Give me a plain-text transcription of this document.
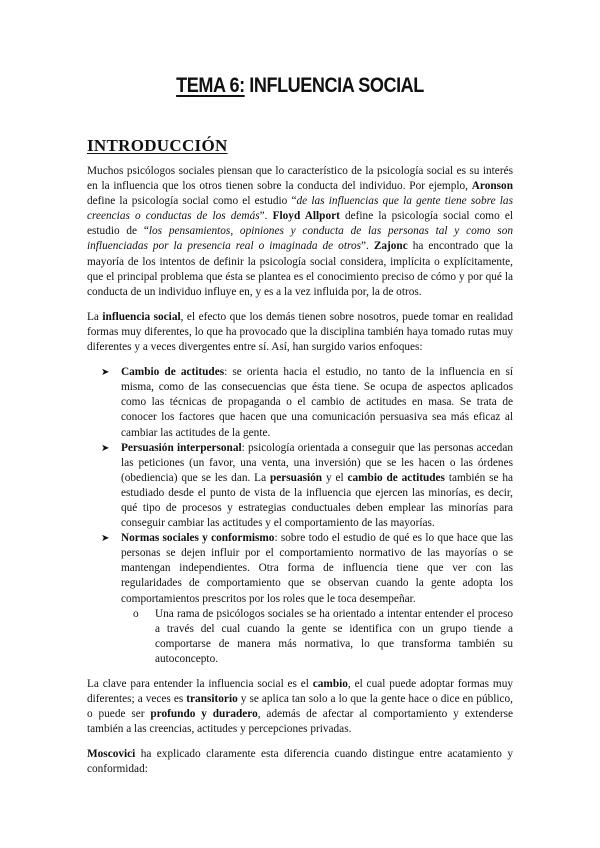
TEMA 6: INFLUENCIA SOCIAL
INTRODUCCIÓN

Muchos psicólogos sociales piensan que lo característico de la psicología social es su interés en la influencia que los otros tienen sobre la conducta del individuo. Por ejemplo, Aronson define la psicología social como el estudio “de las influencias que la gente tiene sobre las creencias o conductas de los demás”. Floyd Allport define la psicología social como el estudio de “los pensamientos, opiniones y conducta de las personas tal y como son influenciadas por la presencia real o imaginada de otros”. Zajonc ha encontrado que la mayoría de los intentos de definir la psicología social considera, implícita o explícitamente, que el principal problema que ésta se plantea es el conocimiento preciso de cómo y por qué la conducta de un individuo influye en, y es a la vez influida por, la de otros.

La influencia social, el efecto que los demás tienen sobre nosotros, puede tomar en realidad formas muy diferentes, lo que ha provocado que la disciplina también haya tomado rutas muy diferentes y a veces divergentes entre sí. Así, han surgido varios enfoques:

➤ Cambio de actitudes: se orienta hacia el estudio, no tanto de la influencia en sí misma, como de las consecuencias que ésta tiene. Se ocupa de aspectos aplicados como las técnicas de propaganda o el cambio de actitudes en masa. Se trata de conocer los factores que hacen que una comunicación persuasiva sea más eficaz al cambiar las actitudes de la gente.
➤ Persuasión interpersonal: psicología orientada a conseguir que las personas accedan las peticiones (un favor, una venta, una inversión) que se les hacen o las órdenes (obediencia) que se les dan. La persuasión y el cambio de actitudes también se ha estudiado desde el punto de vista de la influencia que ejercen las minorías, es decir, qué tipo de procesos y estrategias conductuales deben emplear las minorías para conseguir cambiar las actitudes y el comportamiento de las mayorías.
➤ Normas sociales y conformismo: sobre todo el estudio de qué es lo que hace que las personas se dejen influir por el comportamiento normativo de las mayorías o se mantengan independientes. Otra forma de influencia tiene que ver con las regularidades de comportamiento que se observan cuando la gente adopta los comportamientos prescritos por los roles que le toca desempeñar.
o Una rama de psicólogos sociales se ha orientado a intentar entender el proceso a través del cual cuando la gente se identifica con un grupo tiende a comportarse de manera más normativa, lo que transforma también su autoconcepto.

La clave para entender la influencia social es el cambio, el cual puede adoptar formas muy diferentes; a veces es transitorio y se aplica tan solo a lo que la gente hace o dice en público, o puede ser profundo y duradero, además de afectar al comportamiento y extenderse también a las creencias, actitudes y percepciones privadas.

Moscovici ha explicado claramente esta diferencia cuando distingue entre acatamiento y conformidad:
